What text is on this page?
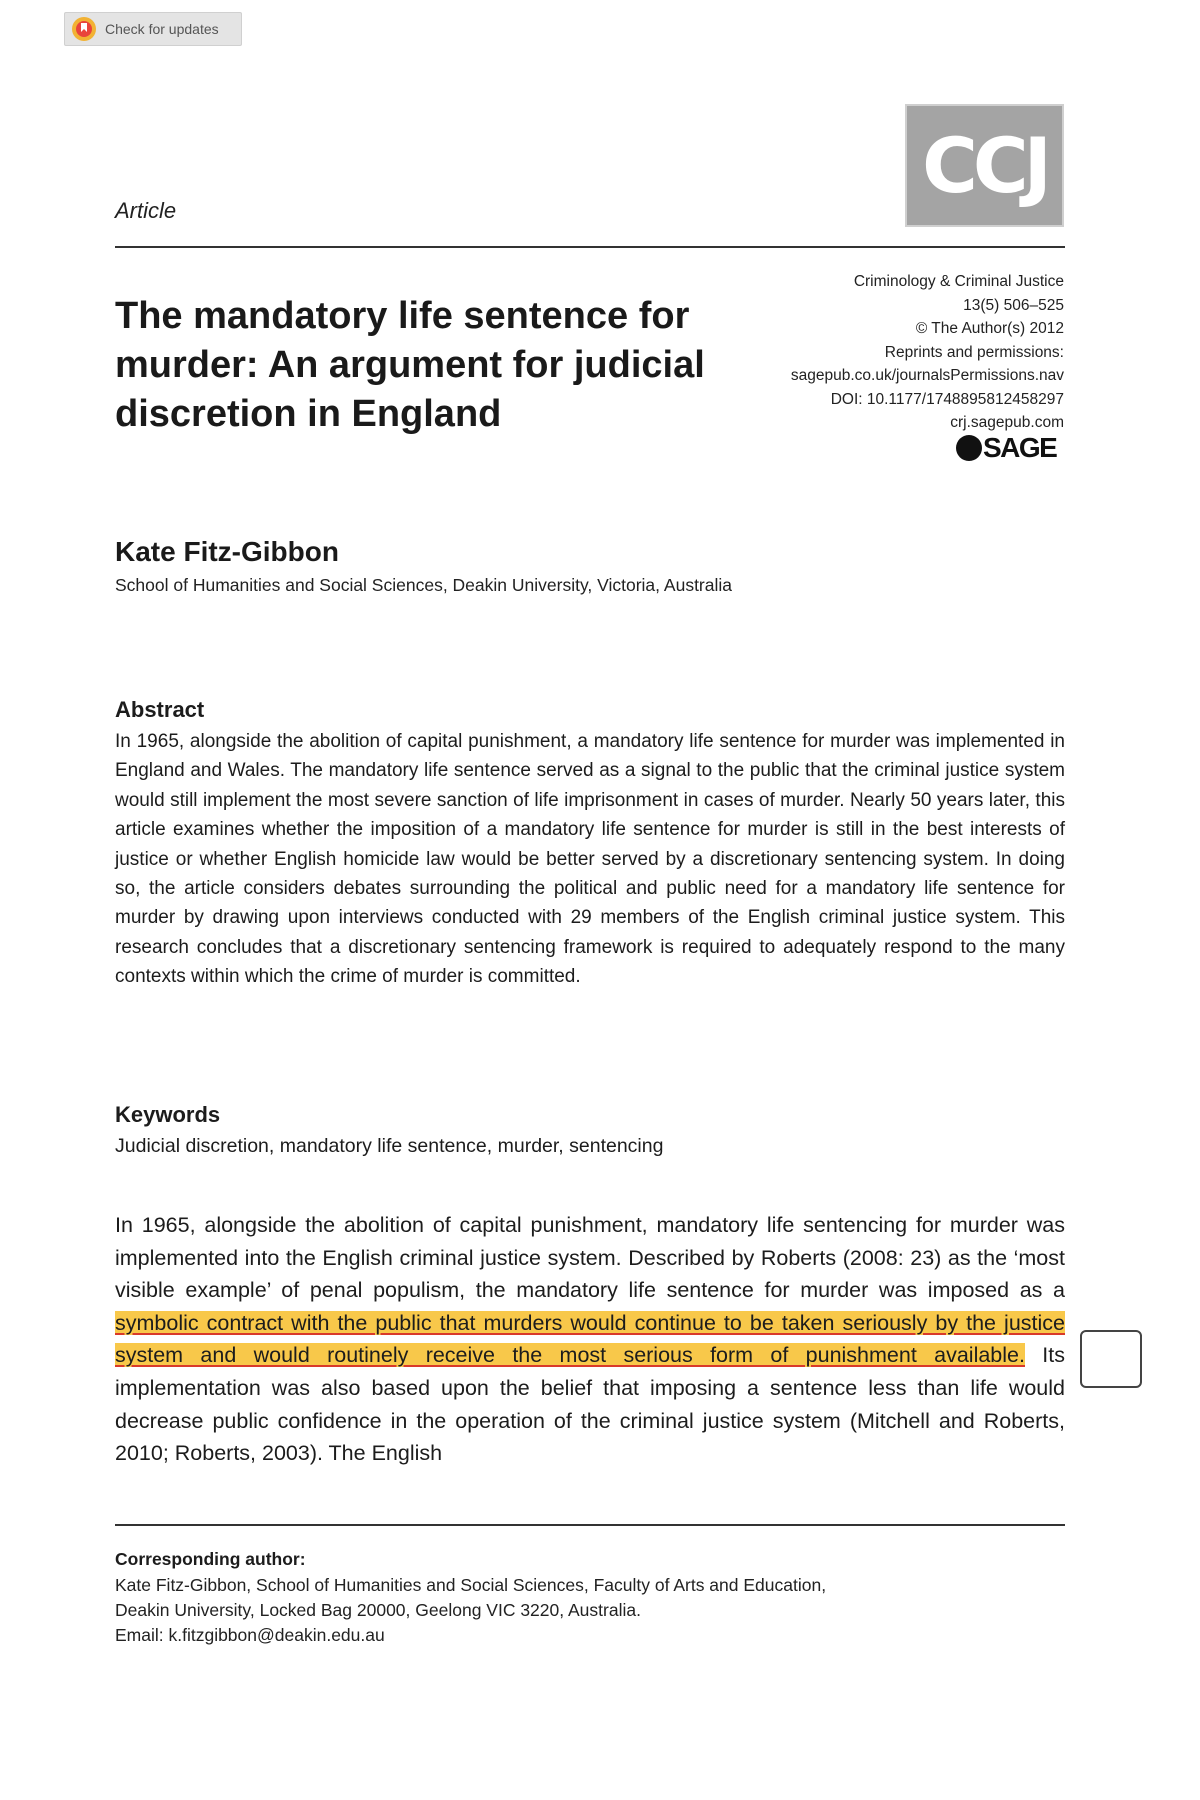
Check for updates
CCJ
Article
The mandatory life sentence for murder: An argument for judicial discretion in England
Criminology & Criminal Justice
13(5) 506–525
© The Author(s) 2012
Reprints and permissions:
sagepub.co.uk/journalsPermissions.nav
DOI: 10.1177/1748895812458297
crj.sagepub.com
SAGE
Kate Fitz-Gibbon
School of Humanities and Social Sciences, Deakin University, Victoria, Australia
Abstract

In 1965, alongside the abolition of capital punishment, a mandatory life sentence for murder was implemented in England and Wales. The mandatory life sentence served as a signal to the public that the criminal justice system would still implement the most severe sanction of life imprisonment in cases of murder. Nearly 50 years later, this article examines whether the imposition of a mandatory life sentence for murder is still in the best interests of justice or whether English homicide law would be better served by a discretionary sentencing system. In doing so, the article considers debates surrounding the political and public need for a mandatory life sentence for murder by drawing upon interviews conducted with 29 members of the English criminal justice system. This research concludes that a discretionary sentencing framework is required to adequately respond to the many contexts within which the crime of murder is committed.

Keywords
Judicial discretion, mandatory life sentence, murder, sentencing

In 1965, alongside the abolition of capital punishment, mandatory life sentencing for murder was implemented into the English criminal justice system. Described by Roberts (2008: 23) as the ‘most visible example’ of penal populism, the mandatory life sentence for murder was imposed as a symbolic contract with the public that murders would continue to be taken seriously by the justice system and would routinely receive the most serious form of punishment available. Its implementation was also based upon the belief that imposing a sentence less than life would decrease public confidence in the operation of the criminal justice system (Mitchell and Roberts, 2010; Roberts, 2003). The English

Corresponding author:
Kate Fitz-Gibbon, School of Humanities and Social Sciences, Faculty of Arts and Education,
Deakin University, Locked Bag 20000, Geelong VIC 3220, Australia.
Email: k.fitzgibbon@deakin.edu.au
